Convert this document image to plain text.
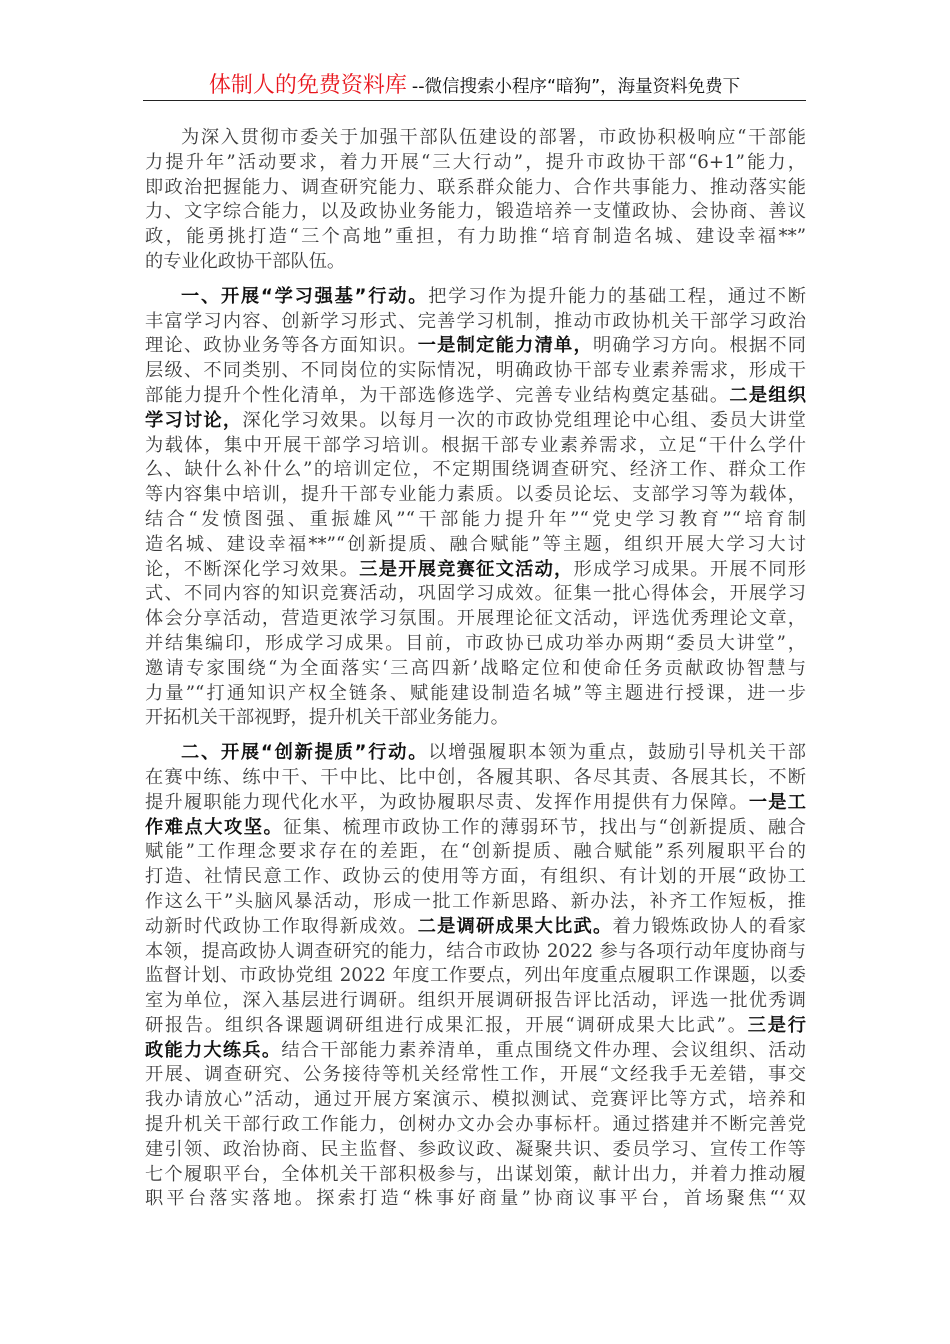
体制人的免费资料库 --微信搜索小程序“暗狗”，海量资料免费下
为深入贯彻市委关于加强干部队伍建设的部署，市政协积极响应“干部能
力提升年”活动要求，着力开展“三大行动”，提升市政协干部“6+1”能力，
即政治把握能力、调查研究能力、联系群众能力、合作共事能力、推动落实能
力、文字综合能力，以及政协业务能力，锻造培养一支懂政协、会协商、善议
政，能勇挑打造“三个高地”重担，有力助推“培育制造名城、建设幸福**”
的专业化政协干部队伍。
一、开展“学习强基”行动。把学习作为提升能力的基础工程，通过不断
丰富学习内容、创新学习形式、完善学习机制，推动市政协机关干部学习政治
理论、政协业务等各方面知识。一是制定能力清单，明确学习方向。根据不同
层级、不同类别、不同岗位的实际情况，明确政协干部专业素养需求，形成干
部能力提升个性化清单，为干部选修选学、完善专业结构奠定基础。二是组织
学习讨论，深化学习效果。以每月一次的市政协党组理论中心组、委员大讲堂
为载体，集中开展干部学习培训。根据干部专业素养需求，立足“干什么学什
么、缺什么补什么”的培训定位，不定期围绕调查研究、经济工作、群众工作
等内容集中培训，提升干部专业能力素质。以委员论坛、支部学习等为载体，
结合“发愤图强、重振雄风”“干部能力提升年”“党史学习教育”“培育制
造名城、建设幸福**”“创新提质、融合赋能”等主题，组织开展大学习大讨
论，不断深化学习效果。三是开展竞赛征文活动，形成学习成果。开展不同形
式、不同内容的知识竞赛活动，巩固学习成效。征集一批心得体会，开展学习
体会分享活动，营造更浓学习氛围。开展理论征文活动，评选优秀理论文章，
并结集编印，形成学习成果。目前，市政协已成功举办两期“委员大讲堂”，
邀请专家围绕“为全面落实‘三高四新’战略定位和使命任务贡献政协智慧与
力量”“打通知识产权全链条、赋能建设制造名城”等主题进行授课，进一步
开拓机关干部视野，提升机关干部业务能力。
二、开展“创新提质”行动。以增强履职本领为重点，鼓励引导机关干部
在赛中练、练中干、干中比、比中创，各履其职、各尽其责、各展其长，不断
提升履职能力现代化水平，为政协履职尽责、发挥作用提供有力保障。一是工
作难点大攻坚。征集、梳理市政协工作的薄弱环节，找出与“创新提质、融合
赋能”工作理念要求存在的差距，在“创新提质、融合赋能”系列履职平台的
打造、社情民意工作、政协云的使用等方面，有组织、有计划的开展“政协工
作这么干”头脑风暴活动，形成一批工作新思路、新办法，补齐工作短板，推
动新时代政协工作取得新成效。二是调研成果大比武。着力锻炼政协人的看家
本领，提高政协人调查研究的能力，结合市政协 2022 参与各项行动年度协商与
监督计划、市政协党组 2022 年度工作要点，列出年度重点履职工作课题，以委
室为单位，深入基层进行调研。组织开展调研报告评比活动，评选一批优秀调
研报告。组织各课题调研组进行成果汇报，开展“调研成果大比武”。三是行
政能力大练兵。结合干部能力素养清单，重点围绕文件办理、会议组织、活动
开展、调查研究、公务接待等机关经常性工作，开展“文经我手无差错，事交
我办请放心”活动，通过开展方案演示、模拟测试、竞赛评比等方式，培养和
提升机关干部行政工作能力，创树办文办会办事标杆。通过搭建并不断完善党
建引领、政治协商、民主监督、参政议政、凝聚共识、委员学习、宣传工作等
七个履职平台，全体机关干部积极参与，出谋划策，献计出力，并着力推动履
职平台落实落地。探索打造“株事好商量”协商议事平台，首场聚焦“‘双
